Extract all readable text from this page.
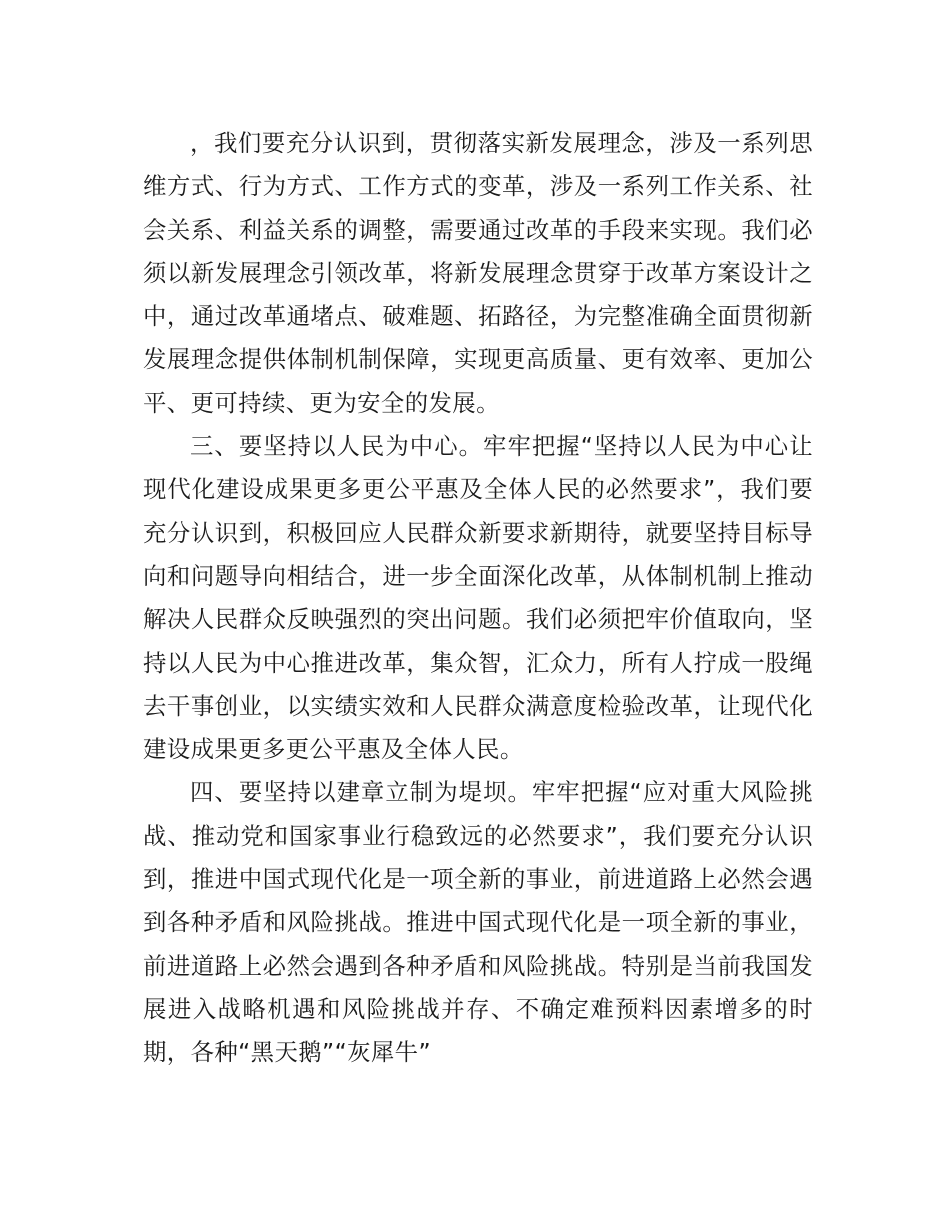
，我们要充分认识到，贯彻落实新发展理念，涉及一系列思维方式、行为方式、工作方式的变革，涉及一系列工作关系、社会关系、利益关系的调整，需要通过改革的手段来实现。我们必须以新发展理念引领改革，将新发展理念贯穿于改革方案设计之中，通过改革通堵点、破难题、拓路径，为完整准确全面贯彻新发展理念提供体制机制保障，实现更高质量、更有效率、更加公平、更可持续、更为安全的发展。

三、要坚持以人民为中心。牢牢把握“坚持以人民为中心让现代化建设成果更多更公平惠及全体人民的必然要求”，我们要充分认识到，积极回应人民群众新要求新期待，就要坚持目标导向和问题导向相结合，进一步全面深化改革，从体制机制上推动解决人民群众反映强烈的突出问题。我们必须把牢价值取向，坚持以人民为中心推进改革，集众智，汇众力，所有人拧成一股绳去干事创业，以实绩实效和人民群众满意度检验改革，让现代化建设成果更多更公平惠及全体人民。

四、要坚持以建章立制为堤坝。牢牢把握“应对重大风险挑战、推动党和国家事业行稳致远的必然要求”，我们要充分认识到，推进中国式现代化是一项全新的事业，前进道路上必然会遇到各种矛盾和风险挑战。推进中国式现代化是一项全新的事业，前进道路上必然会遇到各种矛盾和风险挑战。特别是当前我国发展进入战略机遇和风险挑战并存、不确定难预料因素增多的时期，各种“黑天鹅”“灰犀牛”
